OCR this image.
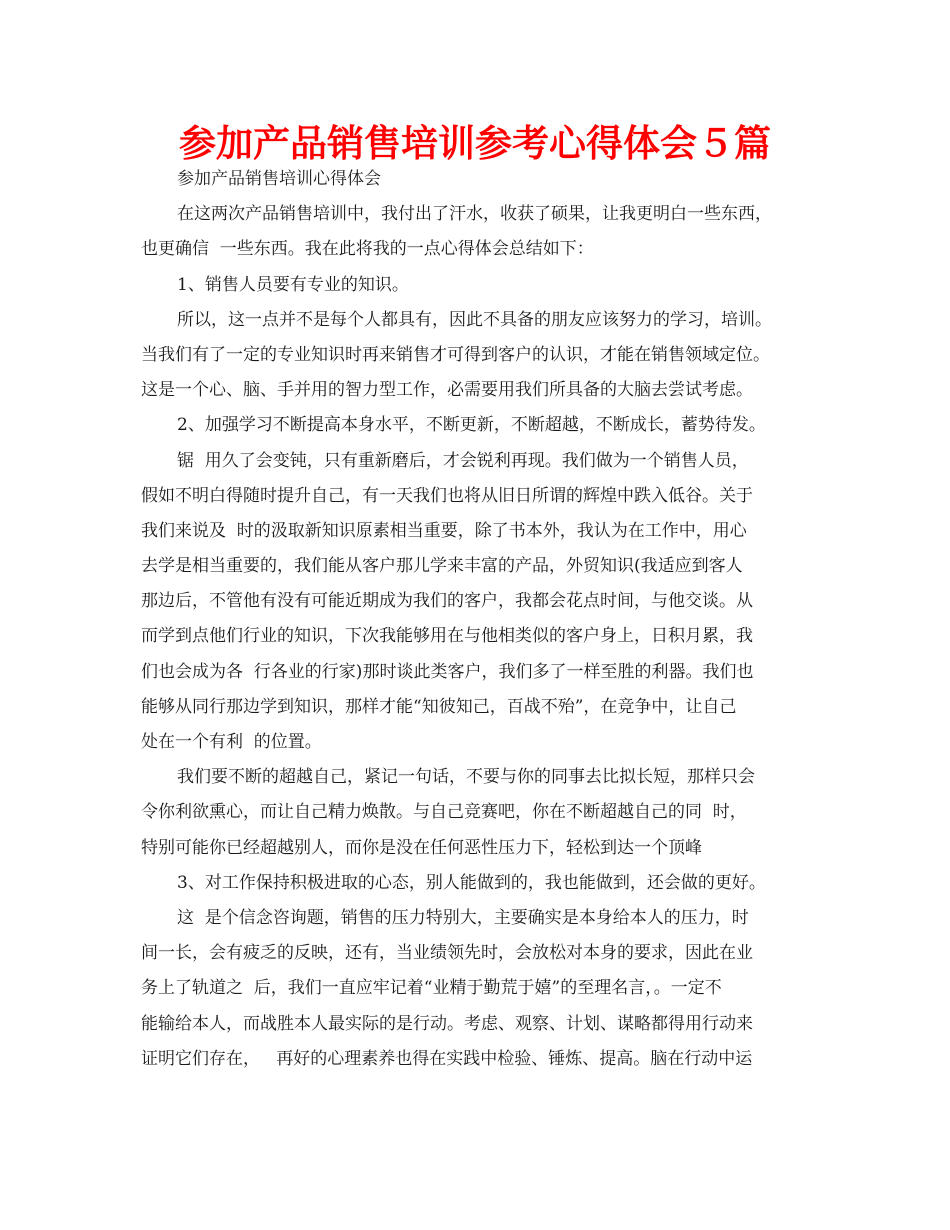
参加产品销售培训参考心得体会５篇
参加产品销售培训心得体会
在这两次产品销售培训中，我付出了汗水，收获了硕果，让我更明白一些东西，
也更确信  一些东西。我在此将我的一点心得体会总结如下：
1、销售人员要有专业的知识。
所以，这一点并不是每个人都具有，因此不具备的朋友应该努力的学习，培训。
当我们有了一定的专业知识时再来销售才可得到客户的认识，才能在销售领域定位。
这是一个心、脑、手并用的智力型工作，必需要用我们所具备的大脑去尝试考虑。
2、加强学习不断提高本身水平，不断更新，不断超越，不断成长，蓄势待发。
锯  用久了会变钝，只有重新磨后，才会锐利再现。我们做为一个销售人员，
假如不明白得随时提升自己，有一天我们也将从旧日所谓的辉煌中跌入低谷。关于
我们来说及  时的汲取新知识原素相当重要，除了书本外，我认为在工作中，用心
去学是相当重要的，我们能从客户那儿学来丰富的产品，外贸知识(我适应到客人
那边后，不管他有没有可能近期成为我们的客户，我都会花点时间，与他交谈。从
而学到点他们行业的知识，下次我能够用在与他相类似的客户身上，日积月累，我
们也会成为各  行各业的行家)那时谈此类客户，我们多了一样至胜的利器。我们也
能够从同行那边学到知识，那样才能“知彼知己，百战不殆”，在竞争中，让自己
处在一个有利  的位置。
我们要不断的超越自己，紧记一句话，不要与你的同事去比拟长短，那样只会
令你利欲熏心，而让自己精力焕散。与自己竞赛吧，你在不断超越自己的同  时，
特别可能你已经超越别人，而你是没在任何恶性压力下，轻松到达一个顶峰
3、对工作保持积极进取的心态，别人能做到的，我也能做到，还会做的更好。
这  是个信念咨询题，销售的压力特别大，主要确实是本身给本人的压力，时
间一长，会有疲乏的反映，还有，当业绩领先时，会放松对本身的要求，因此在业
务上了轨道之  后，我们一直应牢记着“业精于勤荒于嬉”的至理名言，。一定不
能输给本人，而战胜本人最实际的是行动。考虑、观察、计划、谋略都得用行动来
证明它们存在，   再好的心理素养也得在实践中检验、锤炼、提高。脑在行动中运
